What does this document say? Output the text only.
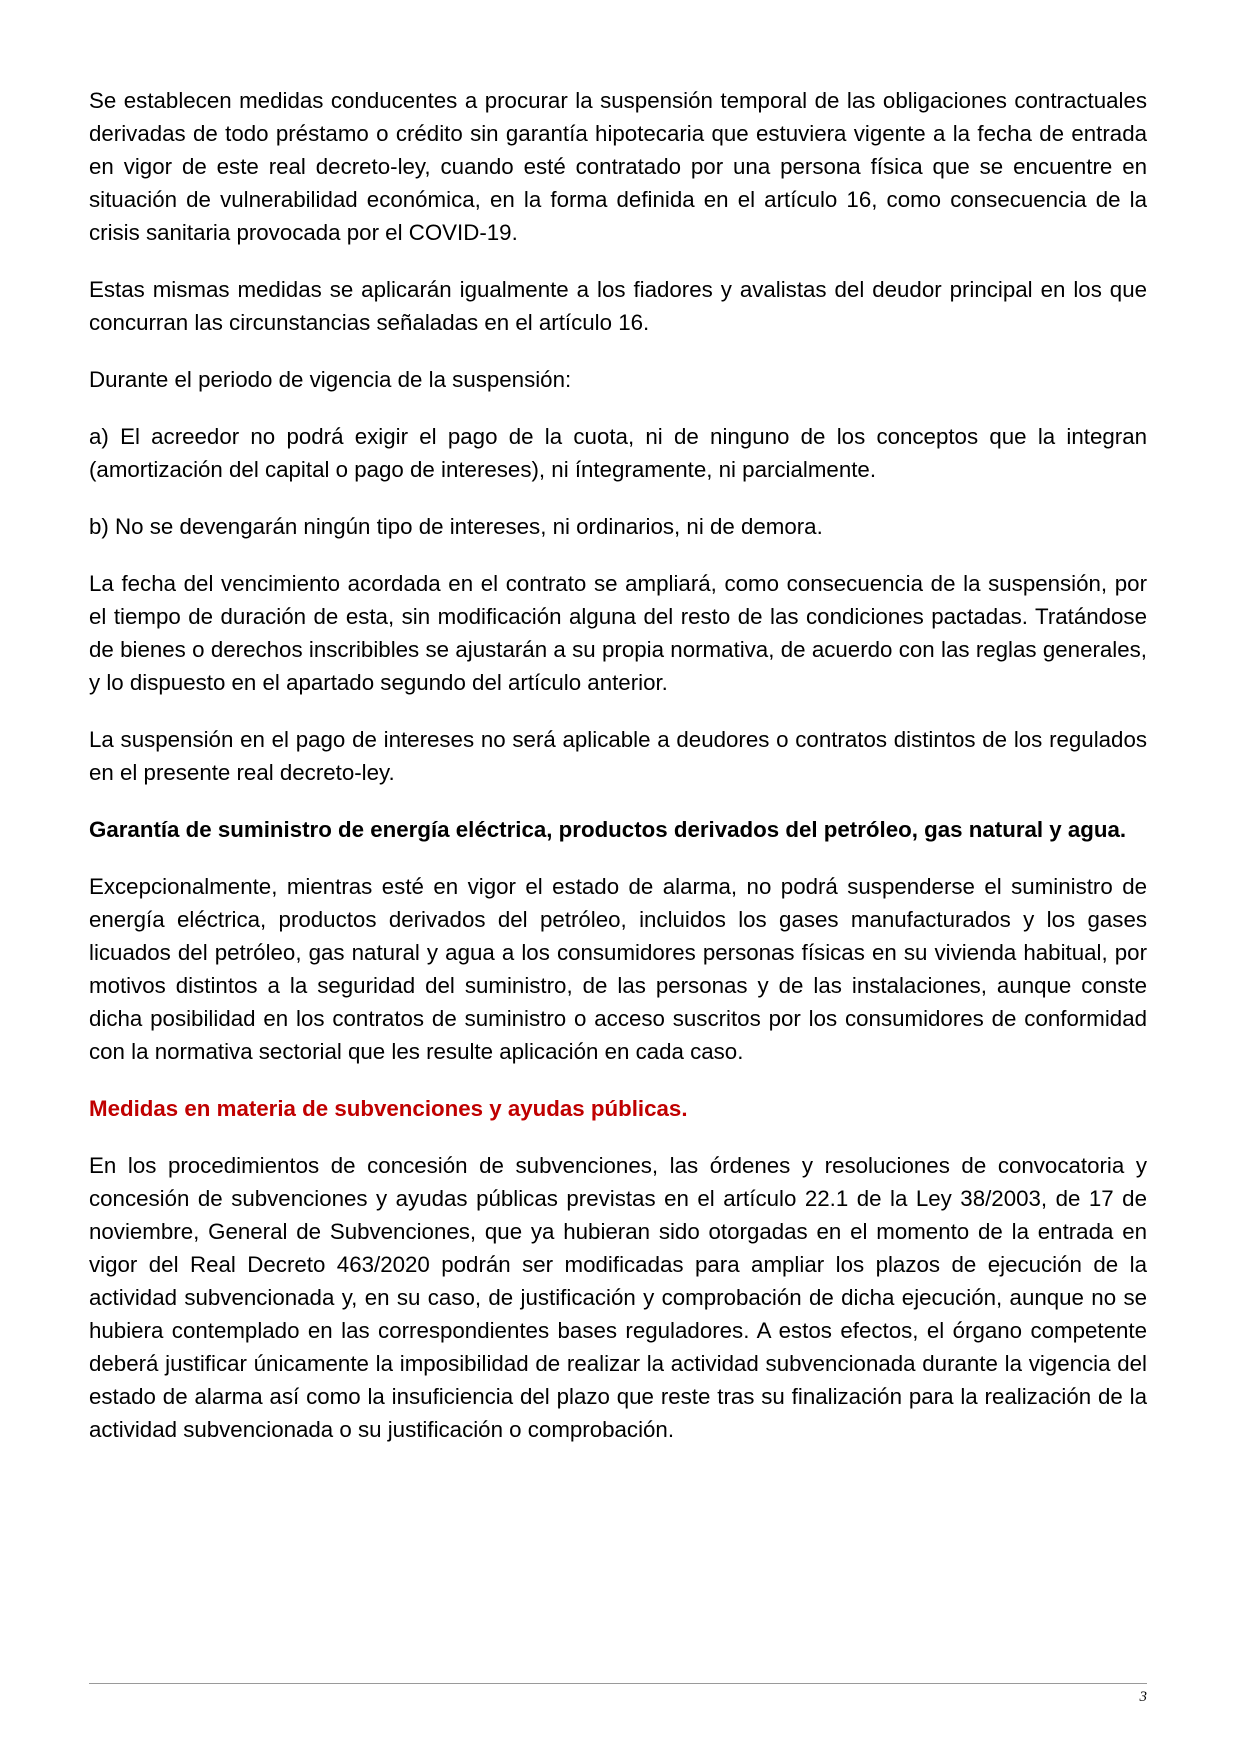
Se establecen medidas conducentes a procurar la suspensión temporal de las obligaciones contractuales derivadas de todo préstamo o crédito sin garantía hipotecaria que estuviera vigente a la fecha de entrada en vigor de este real decreto-ley, cuando esté contratado por una persona física que se encuentre en situación de vulnerabilidad económica, en la forma definida en el artículo 16, como consecuencia de la crisis sanitaria provocada por el COVID-19.

Estas mismas medidas se aplicarán igualmente a los fiadores y avalistas del deudor principal en los que concurran las circunstancias señaladas en el artículo 16.

Durante el periodo de vigencia de la suspensión:

a) El acreedor no podrá exigir el pago de la cuota, ni de ninguno de los conceptos que la integran (amortización del capital o pago de intereses), ni íntegramente, ni parcialmente.

b) No se devengarán ningún tipo de intereses, ni ordinarios, ni de demora.

La fecha del vencimiento acordada en el contrato se ampliará, como consecuencia de la suspensión, por el tiempo de duración de esta, sin modificación alguna del resto de las condiciones pactadas. Tratándose de bienes o derechos inscribibles se ajustarán a su propia normativa, de acuerdo con las reglas generales, y lo dispuesto en el apartado segundo del artículo anterior.

La suspensión en el pago de intereses no será aplicable a deudores o contratos distintos de los regulados en el presente real decreto-ley.

Garantía de suministro de energía eléctrica, productos derivados del petróleo, gas natural y agua.

Excepcionalmente, mientras esté en vigor el estado de alarma, no podrá suspenderse el suministro de energía eléctrica, productos derivados del petróleo, incluidos los gases manufacturados y los gases licuados del petróleo, gas natural y agua a los consumidores personas físicas en su vivienda habitual, por motivos distintos a la seguridad del suministro, de las personas y de las instalaciones, aunque conste dicha posibilidad en los contratos de suministro o acceso suscritos por los consumidores de conformidad con la normativa sectorial que les resulte aplicación en cada caso.

Medidas en materia de subvenciones y ayudas públicas.

En los procedimientos de concesión de subvenciones, las órdenes y resoluciones de convocatoria y concesión de subvenciones y ayudas públicas previstas en el artículo 22.1 de la Ley 38/2003, de 17 de noviembre, General de Subvenciones, que ya hubieran sido otorgadas en el momento de la entrada en vigor del Real Decreto 463/2020 podrán ser modificadas para ampliar los plazos de ejecución de la actividad subvencionada y, en su caso, de justificación y comprobación de dicha ejecución, aunque no se hubiera contemplado en las correspondientes bases reguladores. A estos efectos, el órgano competente deberá justificar únicamente la imposibilidad de realizar la actividad subvencionada durante la vigencia del estado de alarma así como la insuficiencia del plazo que reste tras su finalización para la realización de la actividad subvencionada o su justificación o comprobación.

3
